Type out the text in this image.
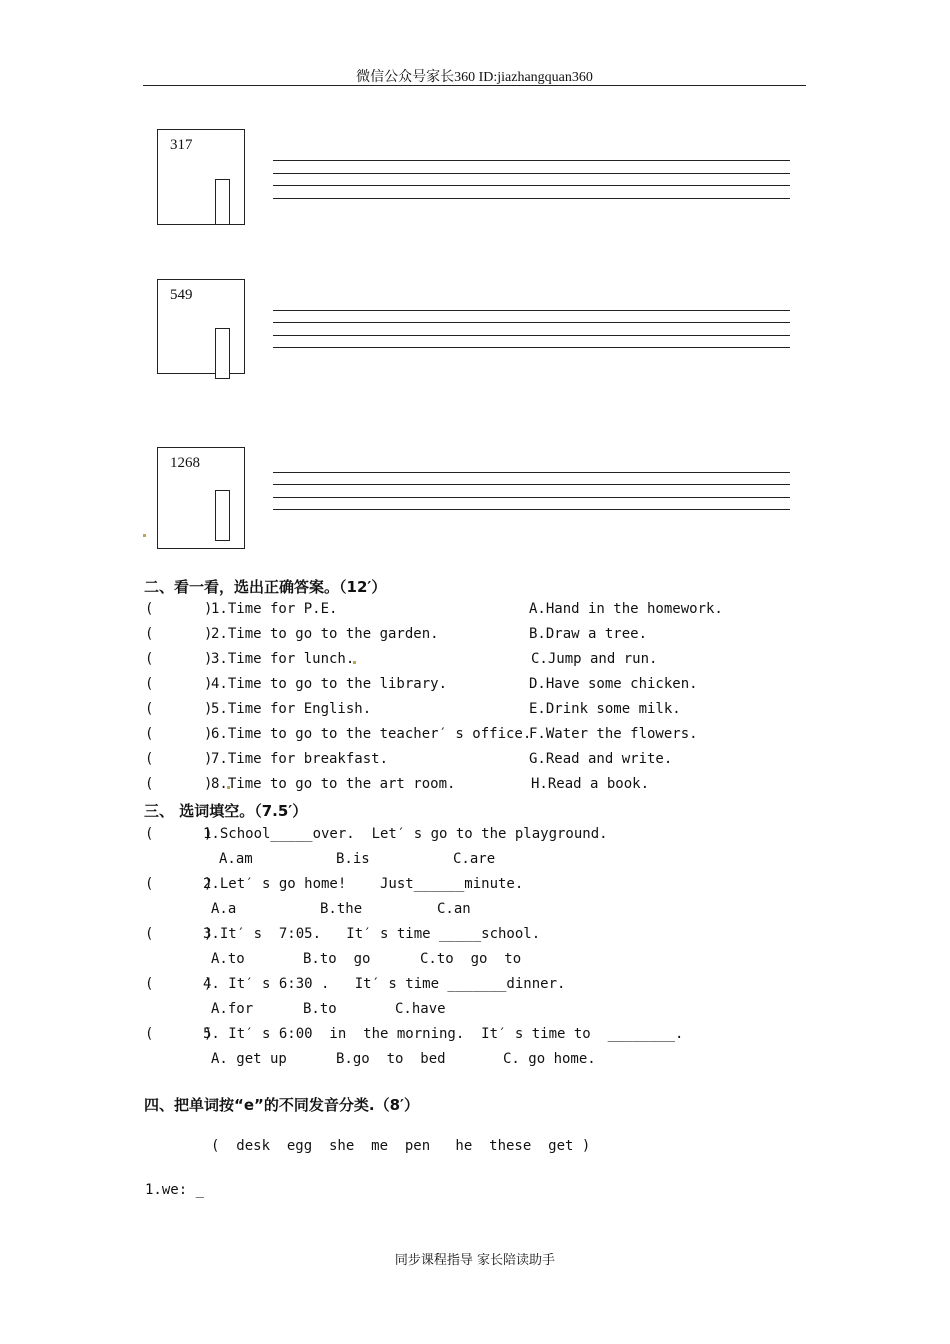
微信公众号家长360 ID:jiazhangquan360
317
549
1268
二、看一看，选出正确答案。（12′）
(      )
1.Time for P.E.	A.Hand in the homework.
(      )
2.Time to go to the garden.	B.Draw a tree.
(      )
3.Time for lunch.	C.Jump and run.
(      )
4.Time to go to the library.	D.Have some chicken.
(      )
5.Time for English.	E.Drink some milk.
(      )
6.Time to go to the teacher′ s office.
F.Water the flowers.
(      )
7.Time for breakfast.	G.Read and write.
(      )
8.Time to go to the art room.	H.Read a book.
三、 选词填空。（7.5′）
(      )
1.School_____over.  Let′ s go to the playground.
A.am	B.is	C.are
(      )
2.Let′ s go home!    Just______minute.
A.a	B.the	C.an
(      )
3.It′ s  7:05.   It′ s time _____school.
A.to	B.to  go	C.to  go  to
(      )
4. It′ s 6:30 .   It′ s time _______dinner.
A.for	B.to	C.have
(      )
5. It′ s 6:00  in  the morning.  It′ s time to  ________.
A. get up	B.go  to  bed	C. go home.
四、把单词按“e”的不同发音分类.（8′）
(  desk  egg  she  me  pen   he  these  get )
1.we: _
同步课程指导 家长陪读助手
